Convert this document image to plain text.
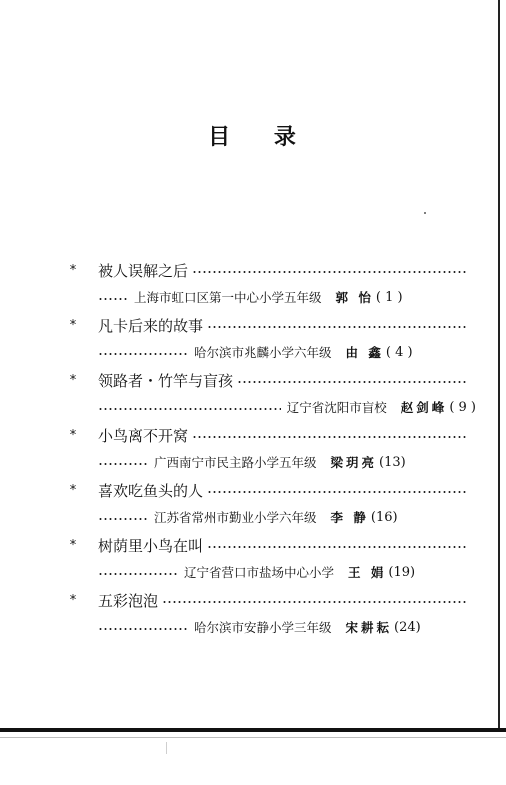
目 录
* 被人误解之后
上海市虹口区第一中心小学五年级 郭 怡 ( 1 )
* 凡卡后来的故事
哈尔滨市兆麟小学六年级 由 鑫 ( 4 )
* 领路者・竹竿与盲孩
辽宁省沈阳市盲校 赵剑峰 ( 9 )
* 小鸟离不开窝
广西南宁市民主路小学五年级 梁玥亮 (13)
* 喜欢吃鱼头的人
江苏省常州市勤业小学六年级 李 静 (16)
* 树荫里小鸟在叫
辽宁省营口市盐场中心小学 王 娟 (19)
* 五彩泡泡
哈尔滨市安静小学三年级 宋耕耘 (24)
